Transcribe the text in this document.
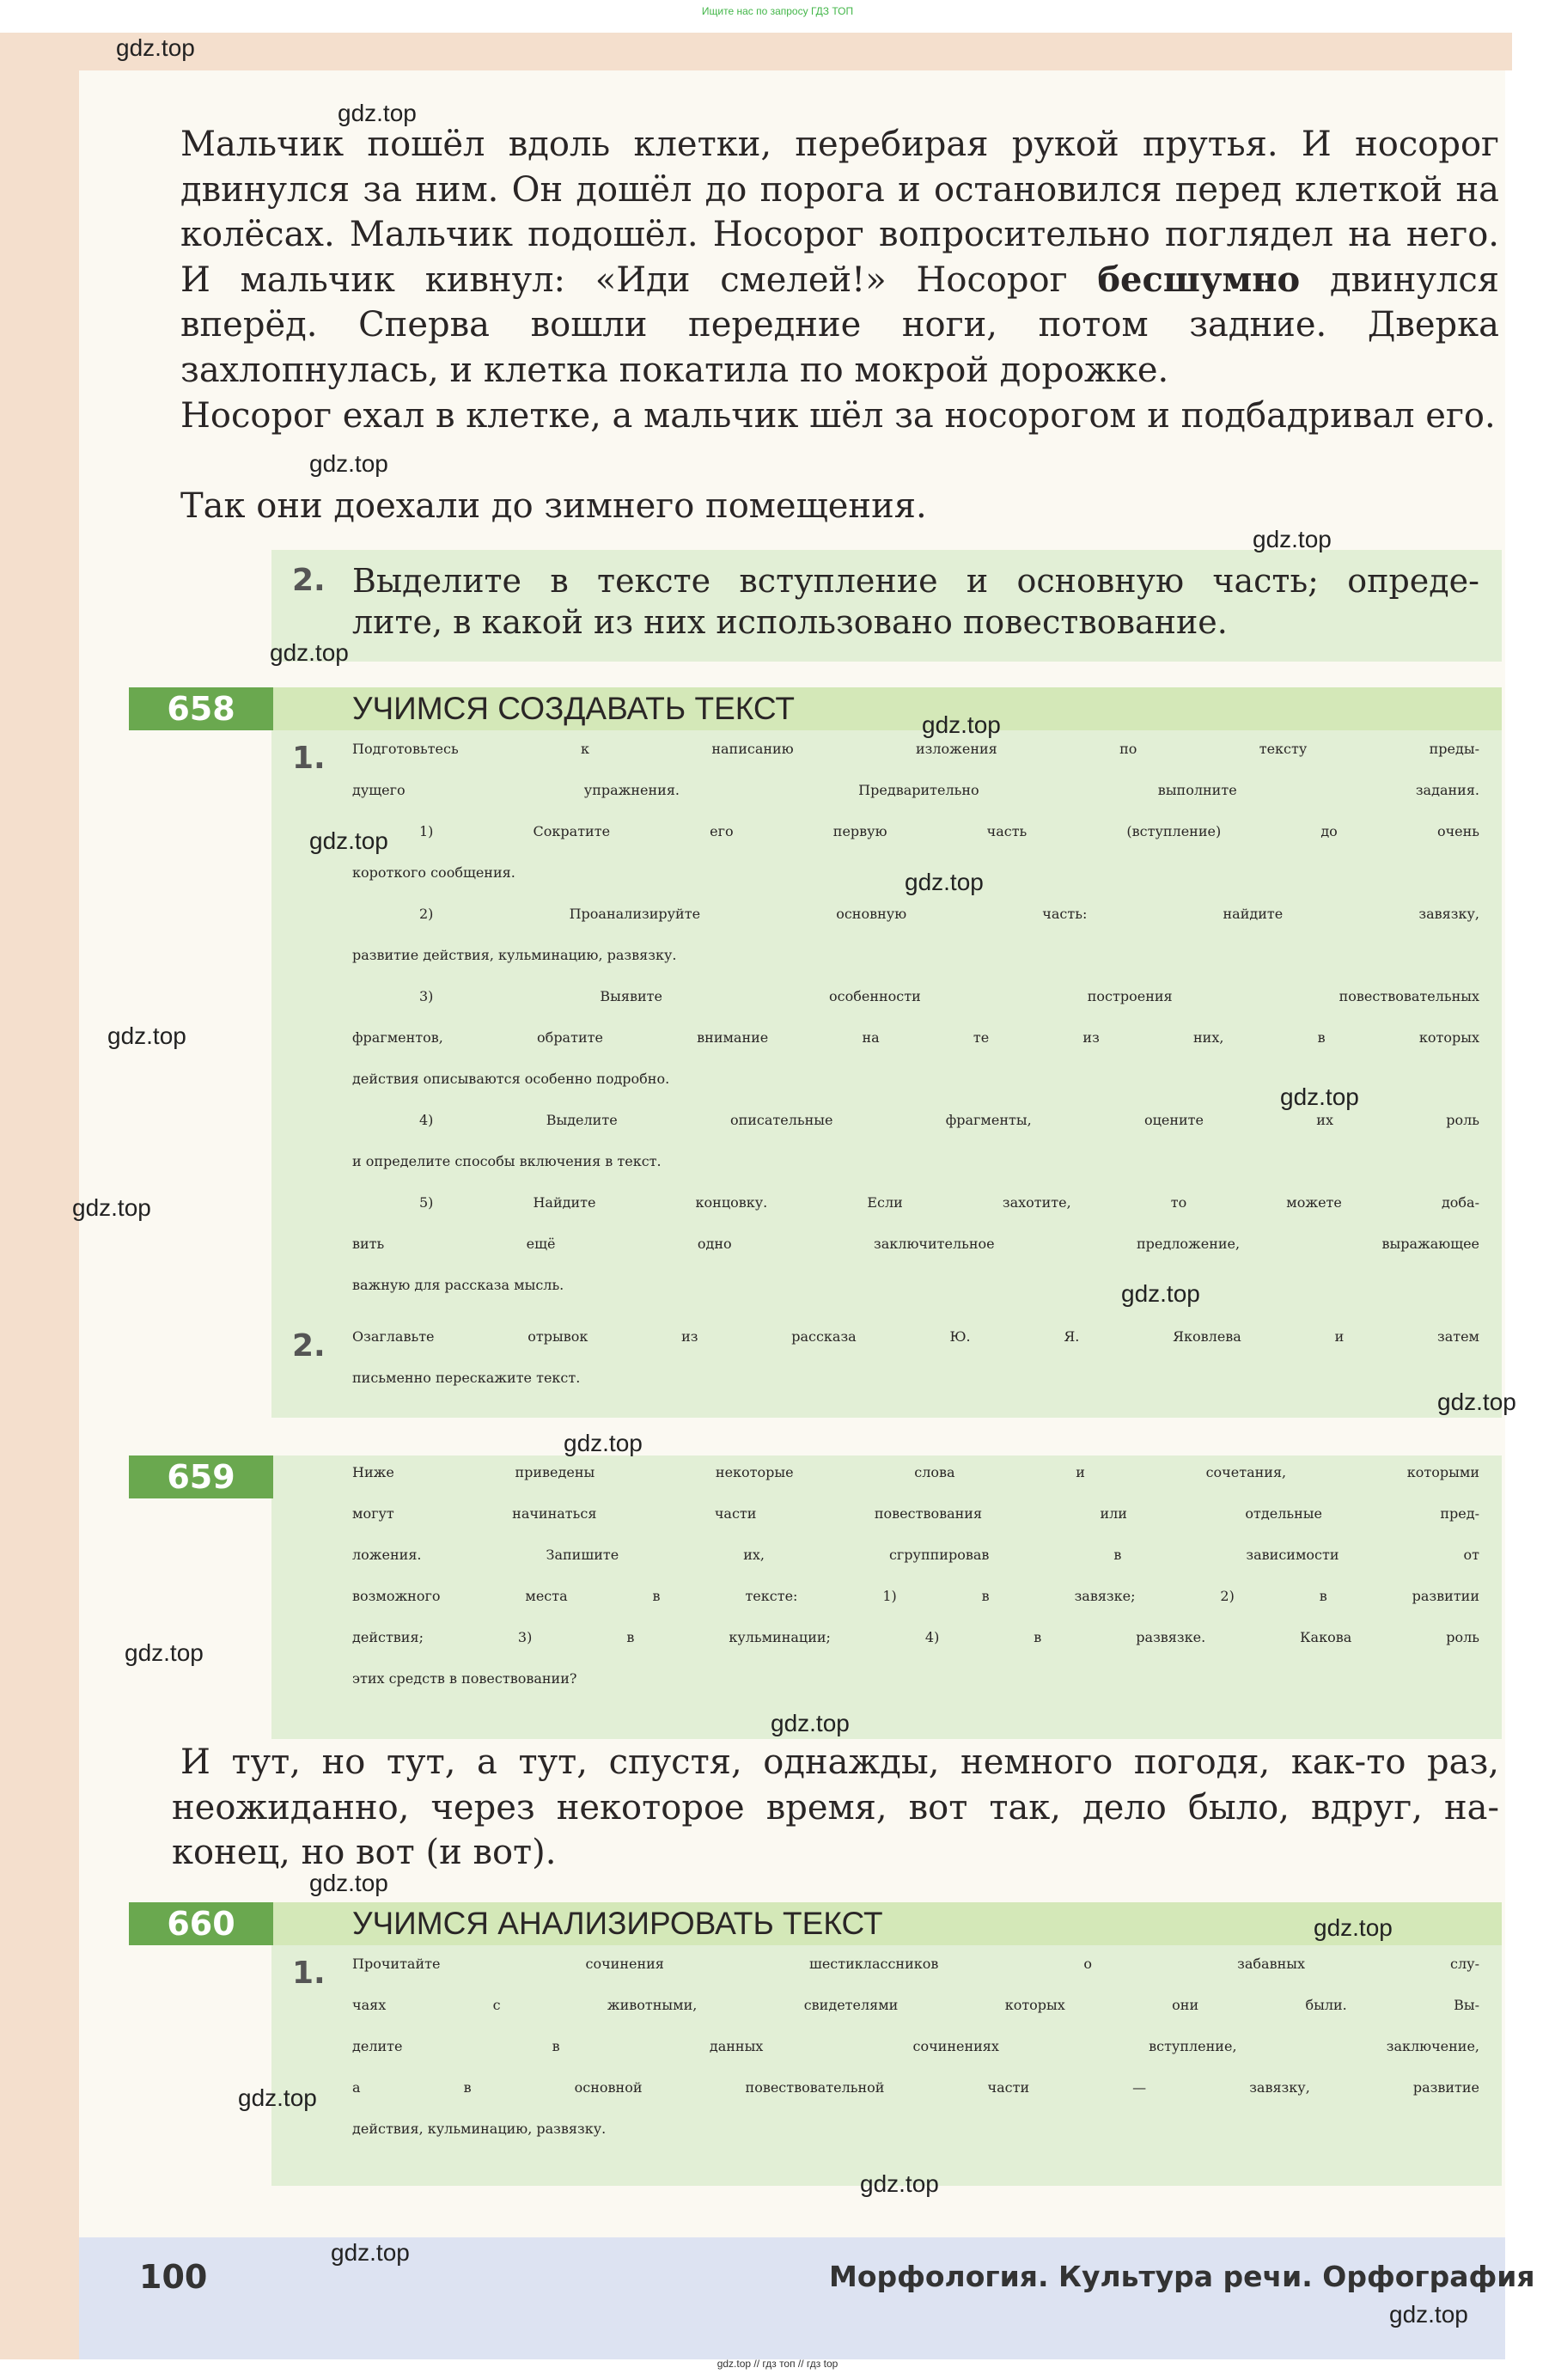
Ищите нас по запросу ГДЗ ТОП

Мальчик пошёл вдоль клетки, перебирая рукой прутья. И носорог двинулся за ним. Он дошёл до порога и остановился перед клеткой на колёсах. Мальчик подошёл. Носорог вопросительно поглядел на него. И мальчик кивнул: «Иди смелей!» Носорог бесшумно двинулся вперёд. Сперва вошли передние ноги, потом задние. Дверка захлопнулась, и клетка покатила по мокрой дорожке.

Носорог ехал в клетке, а мальчик шёл за носорогом и подбадривал его.

Так они доехали до зимнего помещения.

2. Выделите в тексте вступление и основную часть; опреде-
лите, в какой из них использовано повествование.
658	УЧИМСЯ СОЗДАВАТЬ ТЕКСТ
1. Подготовьтесь к написанию изложения по тексту преды-
дущего упражнения. Предварительно выполните задания.
1) Сократите его первую часть (вступление) до очень
короткого сообщения.
2) Проанализируйте основную часть: найдите завязку,
развитие действия, кульминацию, развязку.
3) Выявите особенности построения повествовательных
фрагментов, обратите внимание на те из них, в которых
действия описываются особенно подробно.
4) Выделите описательные фрагменты, оцените их роль
и определите способы включения в текст.
5) Найдите концовку. Если захотите, то можете доба-
вить ещё одно заключительное предложение, выражающее
важную для рассказа мысль.
2. Озаглавьте отрывок из рассказа Ю. Я. Яковлева и затем
письменно перескажите текст.
659	Ниже приведены некоторые слова и сочетания, которыми
могут начинаться части повествования или отдельные пред-
ложения. Запишите их, сгруппировав в зависимости от
возможного места в тексте: 1) в завязке; 2) в развитии
действия; 3) в кульминации; 4) в развязке. Какова роль
этих средств в повествовании?
И тут, но тут, а тут, спустя, однажды, немного погодя, как-то раз,
неожиданно, через некоторое время, вот так, дело было, вдруг, на-
конец, но вот (и вот).
660	УЧИМСЯ АНАЛИЗИРОВАТЬ ТЕКСТ
1. Прочитайте сочинения шестиклассников о забавных слу-
чаях с животными, свидетелями которых они были. Вы-
делите в данных сочинениях вступление, заключение,
а в основной повествовательной части — завязку, развитие
действия, кульминацию, развязку.
100	Морфология. Культура речи. Орфография
gdz.top
gdz.top
gdz.top
gdz.top
gdz.top
gdz.top
gdz.top
gdz.top
gdz.top
gdz.top
gdz.top
gdz.top
gdz.top
gdz.top
gdz.top
gdz.top
gdz.top
gdz.top
gdz.top
gdz.top
gdz.top
gdz.top
gdz.top // гдз топ // гдз top
